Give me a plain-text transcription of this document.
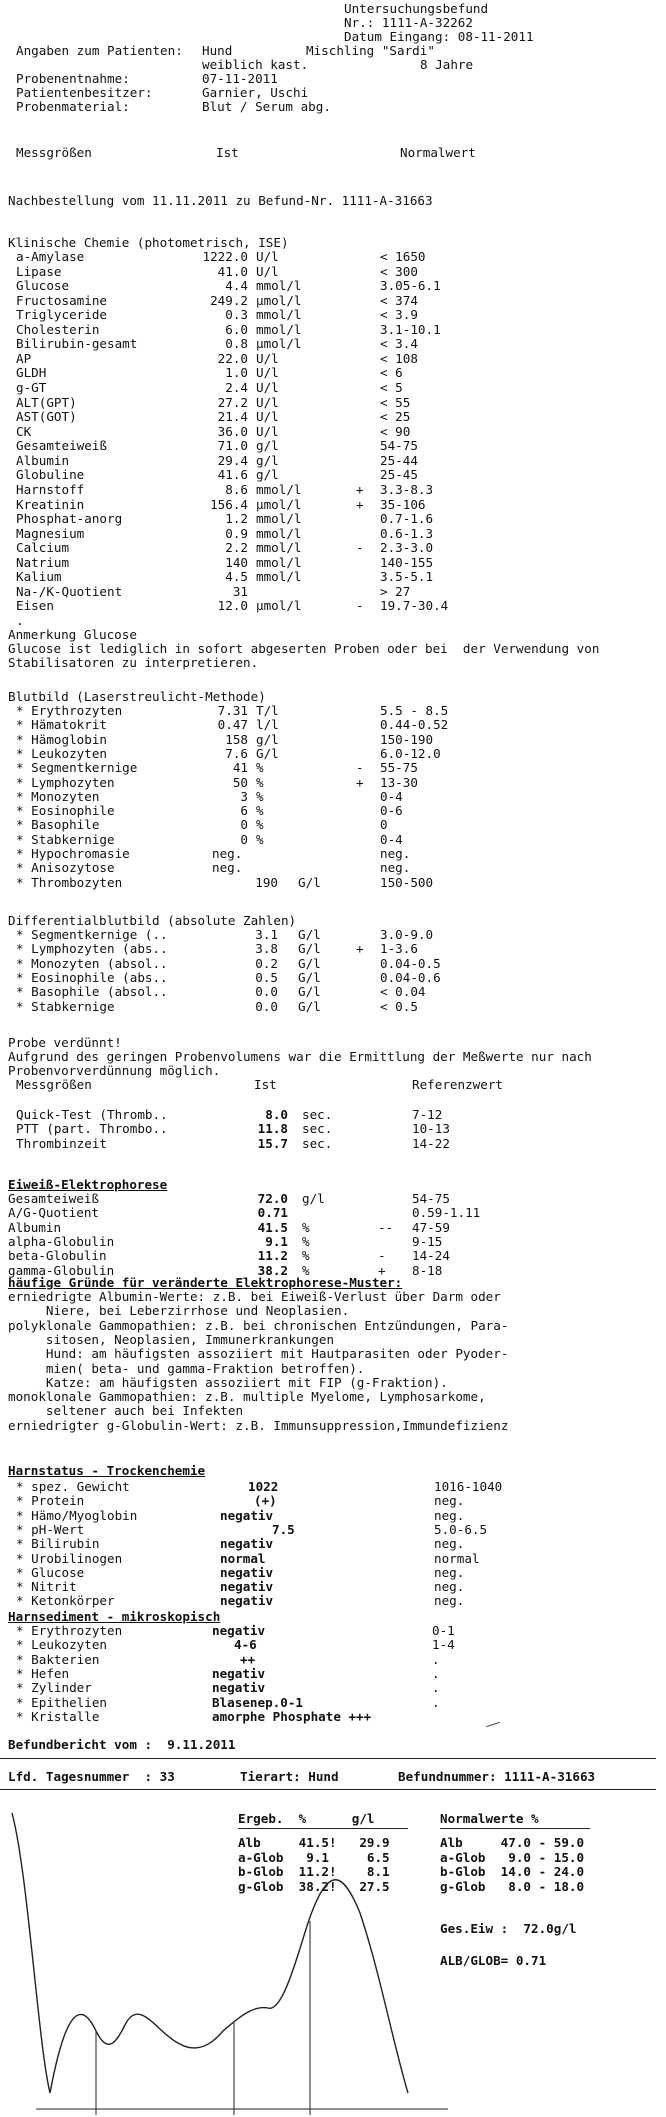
Untersuchungsbefund
Nr.: 1111-A-32262
Datum Eingang: 08-11-2011
Angaben zum Patienten: Hund	Mischling "Sardi"
weiblich kast.	8 Jahre
Probenentnahme:	07-11-2011
Patientenbesitzer:	Garnier, Uschi
Probenmaterial:	Blut / Serum abg.
Messgrößen	Ist	Normalwert
Nachbestellung vom 11.11.2011 zu Befund-Nr. 1111-A-31663
Klinische Chemie (photometrisch, ISE)
a-Amylase	1222.0 U/l	< 1650
Lipase	41.0 U/l	< 300
Glucose	4.4 mmol/l	3.05-6.1
Fructosamine	249.2 µmol/l	< 374
Triglyceride	0.3 mmol/l	< 3.9
Cholesterin	6.0 mmol/l	3.1-10.1
Bilirubin-gesamt	0.8 µmol/l	< 3.4
AP	22.0 U/l	< 108
GLDH	1.0 U/l	< 6
g-GT	2.4 U/l	< 5
ALT(GPT)	27.2 U/l	< 55
AST(GOT)	21.4 U/l	< 25
CK	36.0 U/l	< 90
Gesamteiweiß	71.0 g/l	54-75
Albumin	29.4 g/l	25-44
Globuline	41.6 g/l	25-45
Harnstoff	8.6 mmol/l	+ 3.3-8.3
Kreatinin	156.4 µmol/l	+ 35-106
Phosphat-anorg	1.2 mmol/l	0.7-1.6
Magnesium	0.9 mmol/l	0.6-1.3
Calcium	2.2 mmol/l	- 2.3-3.0
Natrium	140 mmol/l	140-155
Kalium	4.5 mmol/l	3.5-5.1
Na-/K-Quotient	31	> 27
Eisen	12.0 µmol/l	- 19.7-30.4
.
Anmerkung Glucose
Glucose ist lediglich in sofort abgeserten Proben oder bei  der Verwendung von
Stabilisatoren zu interpretieren.
Blutbild (Laserstreulicht-Methode)
* Erythrozyten	7.31 T/l	5.5 - 8.5
* Hämatokrit	0.47 l/l	0.44-0.52
* Hämoglobin	158 g/l	150-190
* Leukozyten	7.6 G/l	6.0-12.0
* Segmentkernige	41 %	- 55-75
* Lymphozyten	50 %	+ 13-30
* Monozyten	3 %	0-4
* Eosinophile	6 %	0-6
* Basophile	0 %	0
* Stabkernige	0 %	0-4
* Hypochromasie	neg.	neg.
* Anisozytose	neg.	neg.
* Thrombozyten	190 G/l	150-500
Differentialblutbild (absolute Zahlen)
* Segmentkernige (..	3.1 G/l	3.0-9.0
* Lymphozyten (abs..	3.8 G/l	+ 1-3.6
* Monozyten (absol..	0.2 G/l	0.04-0.5
* Eosinophile (abs..	0.5 G/l	0.04-0.6
* Basophile (absol..	0.0 G/l	< 0.04
* Stabkernige	0.0 G/l	< 0.5
Probe verdünnt!
Aufgrund des geringen Probenvolumens war die Ermittlung der Meßwerte nur nach
Probenvorverdünnung möglich.
Messgrößen	Ist	Referenzwert
Quick-Test (Thromb..	8.0 sec.	7-12
PTT (part. Thrombo..	11.8 sec.	10-13
Thrombinzeit	15.7 sec.	14-22
Eiweiß-Elektrophorese
Gesamteiweiß	72.0 g/l	54-75
A/G-Quotient	0.71	0.59-1.11
Albumin	41.5 %	-- 47-59
alpha-Globulin	9.1 %	9-15
beta-Globulin	11.2 %	- 14-24
gamma-Globulin	38.2 %	+ 8-18
häufige Gründe für veränderte Elektrophorese-Muster:
erniedrigte Albumin-Werte: z.B. bei Eiweiß-Verlust über Darm oder
Niere, bei Leberzirrhose und Neoplasien.
polyklonale Gammopathien: z.B. bei chronischen Entzündungen, Para-
sitosen, Neoplasien, Immunerkrankungen
Hund: am häufigsten assoziiert mit Hautparasiten oder Pyoder-
mien( beta- und gamma-Fraktion betroffen).
Katze: am häufigsten assoziiert mit FIP (g-Fraktion).
monoklonale Gammopathien: z.B. multiple Myelome, Lymphosarkome,
seltener auch bei Infekten
erniedrigter g-Globulin-Wert: z.B. Immunsuppression,Immundefizienz
Harnstatus - Trockenchemie
* spez. Gewicht	1022	1016-1040
* Protein	(+)	neg.
* Hämo/Myoglobin	negativ	neg.
* pH-Wert	7.5	5.0-6.5
* Bilirubin	negativ	neg.
* Urobilinogen	normal	normal
* Glucose	negativ	neg.
* Nitrit	negativ	neg.
* Ketonkörper	negativ	neg.
Harnsediment - mikroskopisch
* Erythrozyten	negativ	0-1
* Leukozyten	4-6	1-4
* Bakterien	++	.
* Hefen	negativ	.
* Zylinder	negativ	.
* Epithelien	Blasenep.0-1	.
* Kristalle	amorphe Phosphate +++
Befundbericht vom :  9.11.2011
Lfd. Tagesnummer  : 33	Tierart: Hund	Befundnummer: 1111-A-31663
Ergeb.  %      g/l
Alb     41.5!   29.9
a-Glob   9.1     6.5
b-Glob  11.2!    8.1
g-Glob  38.2!   27.5
Normalwerte %
Alb     47.0 - 59.0
a-Glob   9.0 - 15.0
b-Glob  14.0 - 24.0
g-Glob   8.0 - 18.0
Ges.Eiw :  72.0g/l
ALB/GLOB= 0.71
